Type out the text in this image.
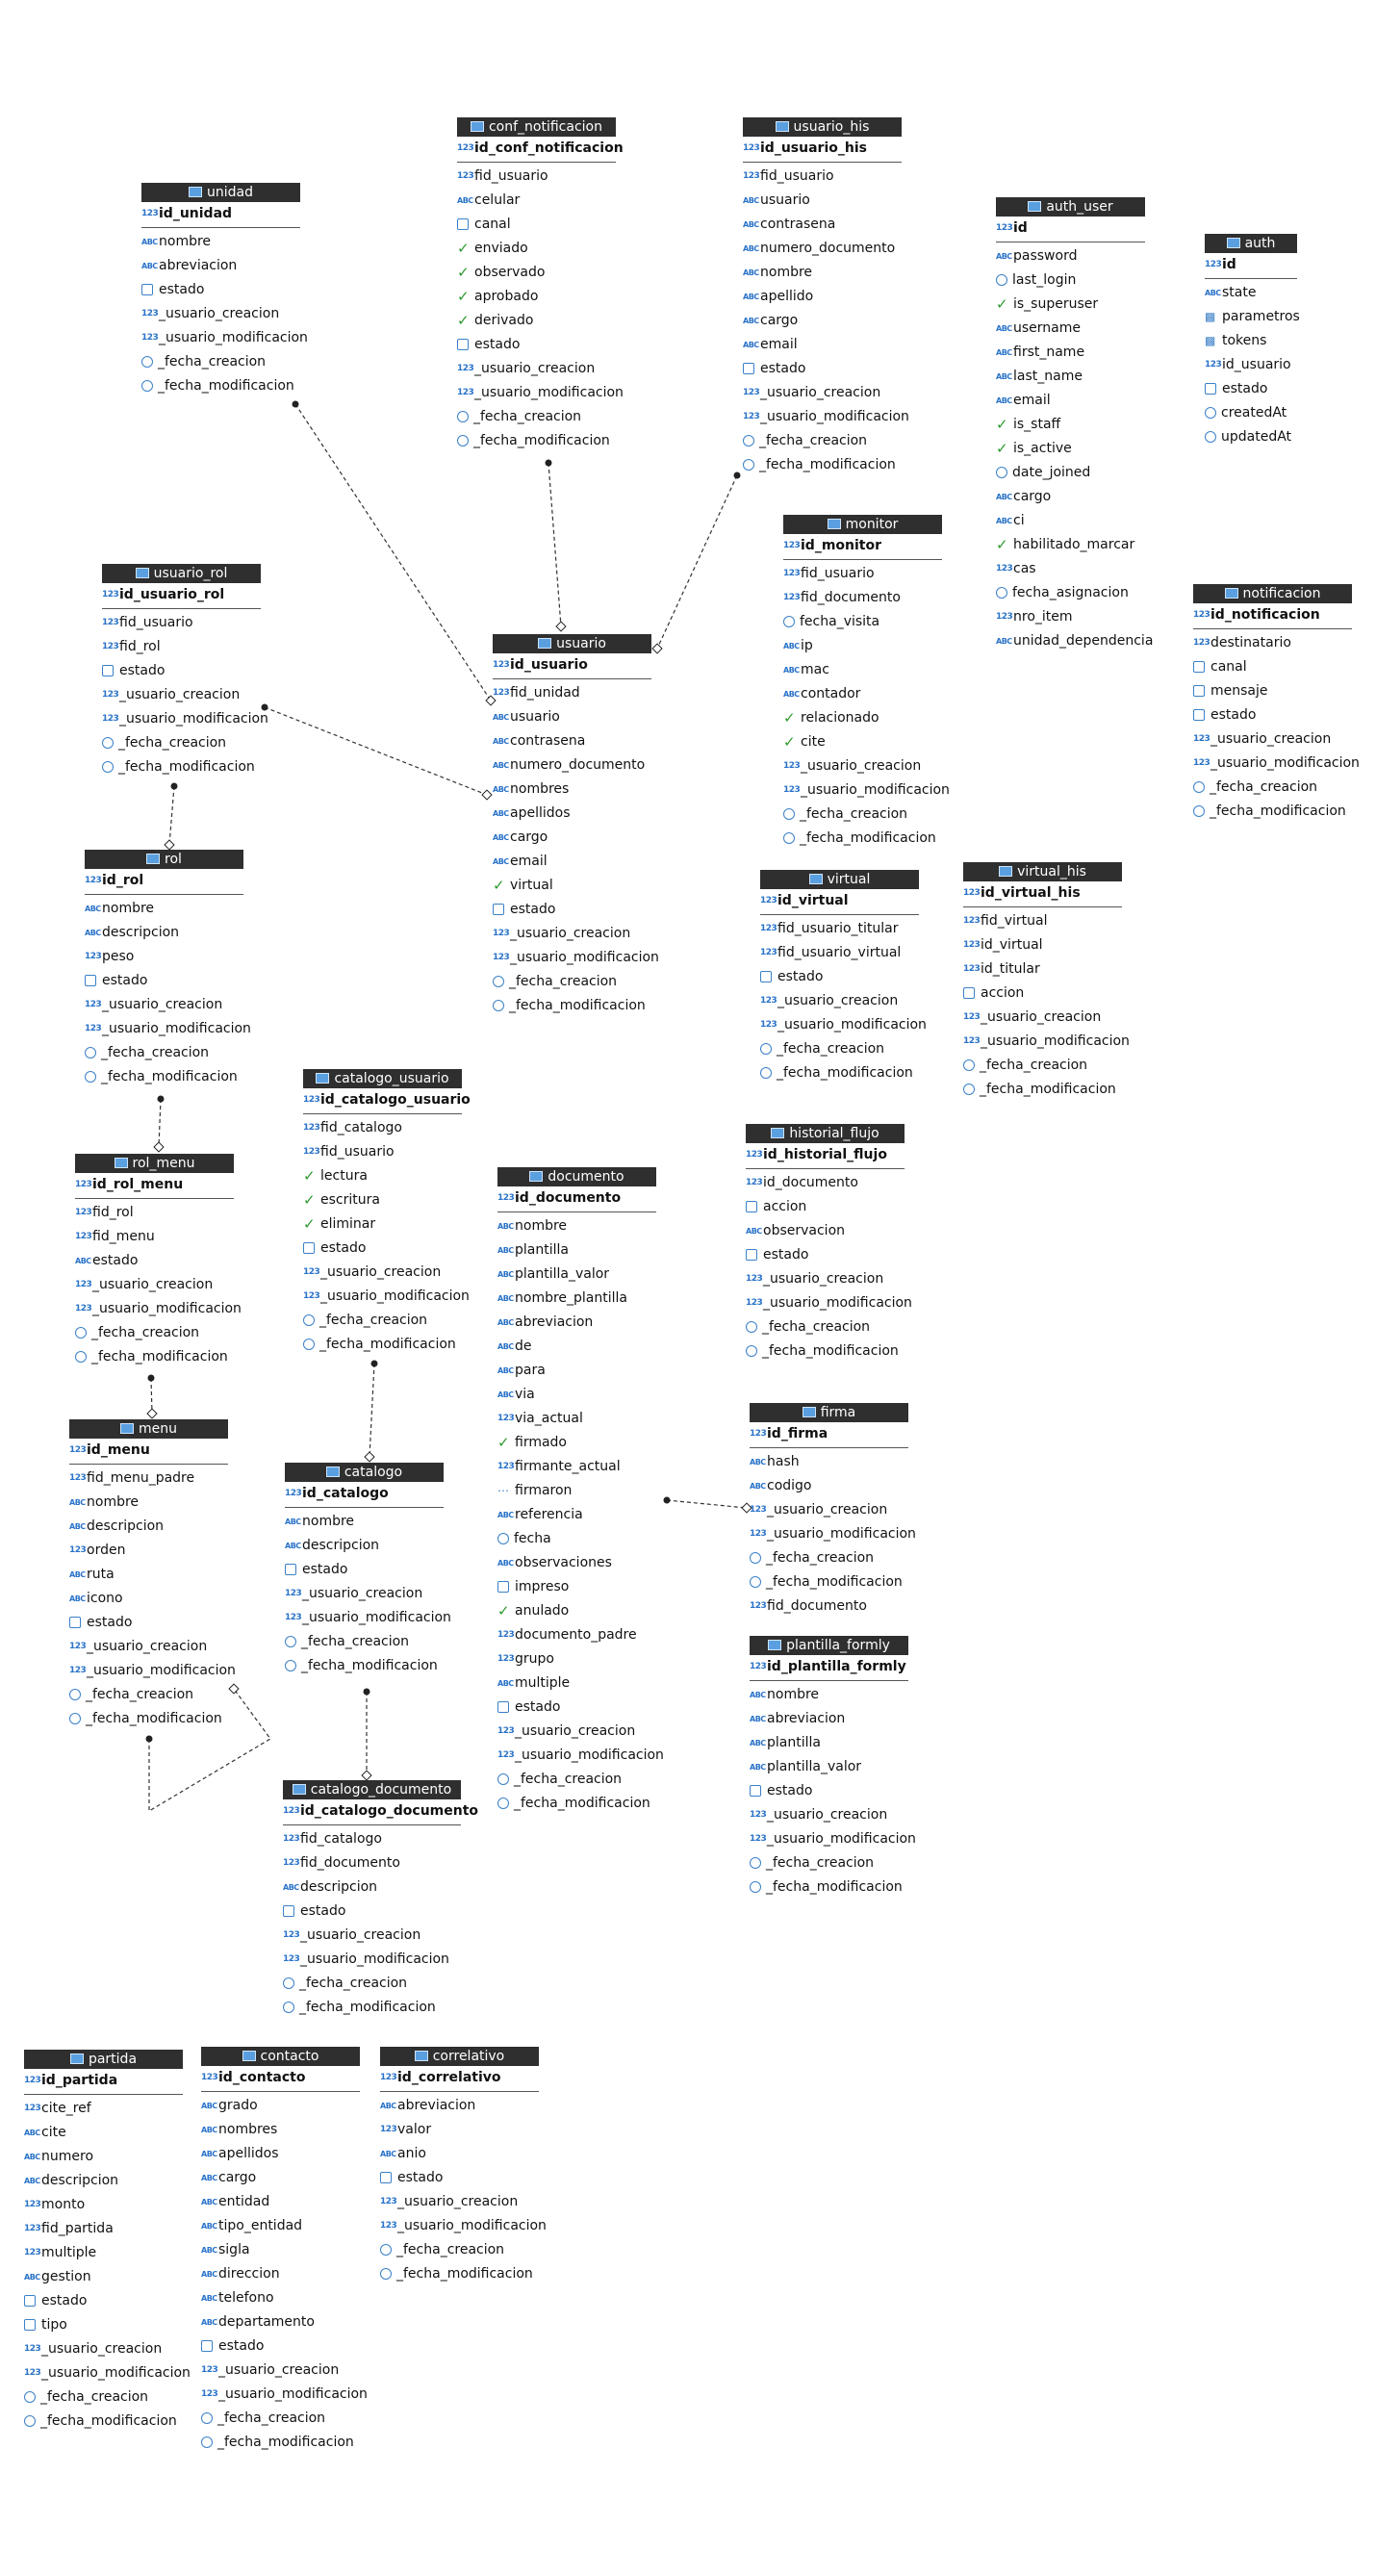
unidad
123id_unidad
ABCnombre
ABCabreviacion
estado
123_usuario_creacion
123_usuario_modificacion
_fecha_creacion
_fecha_modificacion
conf_notificacion
123id_conf_notificacion
123fid_usuario
ABCcelular
canal
✓ enviado
✓ observado
✓ aprobado
✓ derivado
estado
123_usuario_creacion
123_usuario_modificacion
_fecha_creacion
_fecha_modificacion
usuario_his
123id_usuario_his
123fid_usuario
ABCusuario
ABCcontrasena
ABCnumero_documento
ABCnombre
ABCapellido
ABCcargo
ABCemail
estado
123_usuario_creacion
123_usuario_modificacion
_fecha_creacion
_fecha_modificacion
auth_user
123id
ABCpassword
last_login
✓ is_superuser
ABCusername
ABCfirst_name
ABClast_name
ABCemail
✓ is_staff
✓ is_active
date_joined
ABCcargo
ABCci
✓ habilitado_marcar
123cas
fecha_asignacion
123nro_item
ABCunidad_dependencia
auth
123id
ABCstate
▩ parametros
▩ tokens
123id_usuario
estado
createdAt
updatedAt
usuario_rol
123id_usuario_rol
123fid_usuario
123fid_rol
estado
123_usuario_creacion
123_usuario_modificacion
_fecha_creacion
_fecha_modificacion
monitor
123id_monitor
123fid_usuario
123fid_documento
fecha_visita
ABCip
ABCmac
ABCcontador
✓ relacionado
✓ cite
123_usuario_creacion
123_usuario_modificacion
_fecha_creacion
_fecha_modificacion
notificacion
123id_notificacion
123destinatario
canal
mensaje
estado
123_usuario_creacion
123_usuario_modificacion
_fecha_creacion
_fecha_modificacion
usuario
123id_usuario
123fid_unidad
ABCusuario
ABCcontrasena
ABCnumero_documento
ABCnombres
ABCapellidos
ABCcargo
ABCemail
✓ virtual
estado
123_usuario_creacion
123_usuario_modificacion
_fecha_creacion
_fecha_modificacion
rol
123id_rol
ABCnombre
ABCdescripcion
123peso
estado
123_usuario_creacion
123_usuario_modificacion
_fecha_creacion
_fecha_modificacion
virtual
123id_virtual
123fid_usuario_titular
123fid_usuario_virtual
estado
123_usuario_creacion
123_usuario_modificacion
_fecha_creacion
_fecha_modificacion
virtual_his
123id_virtual_his
123fid_virtual
123id_virtual
123id_titular
accion
123_usuario_creacion
123_usuario_modificacion
_fecha_creacion
_fecha_modificacion
catalogo_usuario
123id_catalogo_usuario
123fid_catalogo
123fid_usuario
✓ lectura
✓ escritura
✓ eliminar
estado
123_usuario_creacion
123_usuario_modificacion
_fecha_creacion
_fecha_modificacion
historial_flujo
123id_historial_flujo
123id_documento
accion
ABCobservacion
estado
123_usuario_creacion
123_usuario_modificacion
_fecha_creacion
_fecha_modificacion
rol_menu
123id_rol_menu
123fid_rol
123fid_menu
ABCestado
123_usuario_creacion
123_usuario_modificacion
_fecha_creacion
_fecha_modificacion
documento
123id_documento
ABCnombre
ABCplantilla
ABCplantilla_valor
ABCnombre_plantilla
ABCabreviacion
ABCde
ABCpara
ABCvia
123via_actual
✓ firmado
123firmante_actual
⋯ firmaron
ABCreferencia
fecha
ABCobservaciones
impreso
✓ anulado
123documento_padre
123grupo
ABCmultiple
estado
123_usuario_creacion
123_usuario_modificacion
_fecha_creacion
_fecha_modificacion
firma
123id_firma
ABChash
ABCcodigo
123_usuario_creacion
123_usuario_modificacion
_fecha_creacion
_fecha_modificacion
123fid_documento
menu
123id_menu
123fid_menu_padre
ABCnombre
ABCdescripcion
123orden
ABCruta
ABCicono
estado
123_usuario_creacion
123_usuario_modificacion
_fecha_creacion
_fecha_modificacion
catalogo
123id_catalogo
ABCnombre
ABCdescripcion
estado
123_usuario_creacion
123_usuario_modificacion
_fecha_creacion
_fecha_modificacion
plantilla_formly
123id_plantilla_formly
ABCnombre
ABCabreviacion
ABCplantilla
ABCplantilla_valor
estado
123_usuario_creacion
123_usuario_modificacion
_fecha_creacion
_fecha_modificacion
catalogo_documento
123id_catalogo_documento
123fid_catalogo
123fid_documento
ABCdescripcion
estado
123_usuario_creacion
123_usuario_modificacion
_fecha_creacion
_fecha_modificacion
partida
123id_partida
123cite_ref
ABCcite
ABCnumero
ABCdescripcion
123monto
123fid_partida
123multiple
ABCgestion
estado
tipo
123_usuario_creacion
123_usuario_modificacion
_fecha_creacion
_fecha_modificacion
contacto
123id_contacto
ABCgrado
ABCnombres
ABCapellidos
ABCcargo
ABCentidad
ABCtipo_entidad
ABCsigla
ABCdireccion
ABCtelefono
ABCdepartamento
estado
123_usuario_creacion
123_usuario_modificacion
_fecha_creacion
_fecha_modificacion
correlativo
123id_correlativo
ABCabreviacion
123valor
ABCanio
estado
123_usuario_creacion
123_usuario_modificacion
_fecha_creacion
_fecha_modificacion
